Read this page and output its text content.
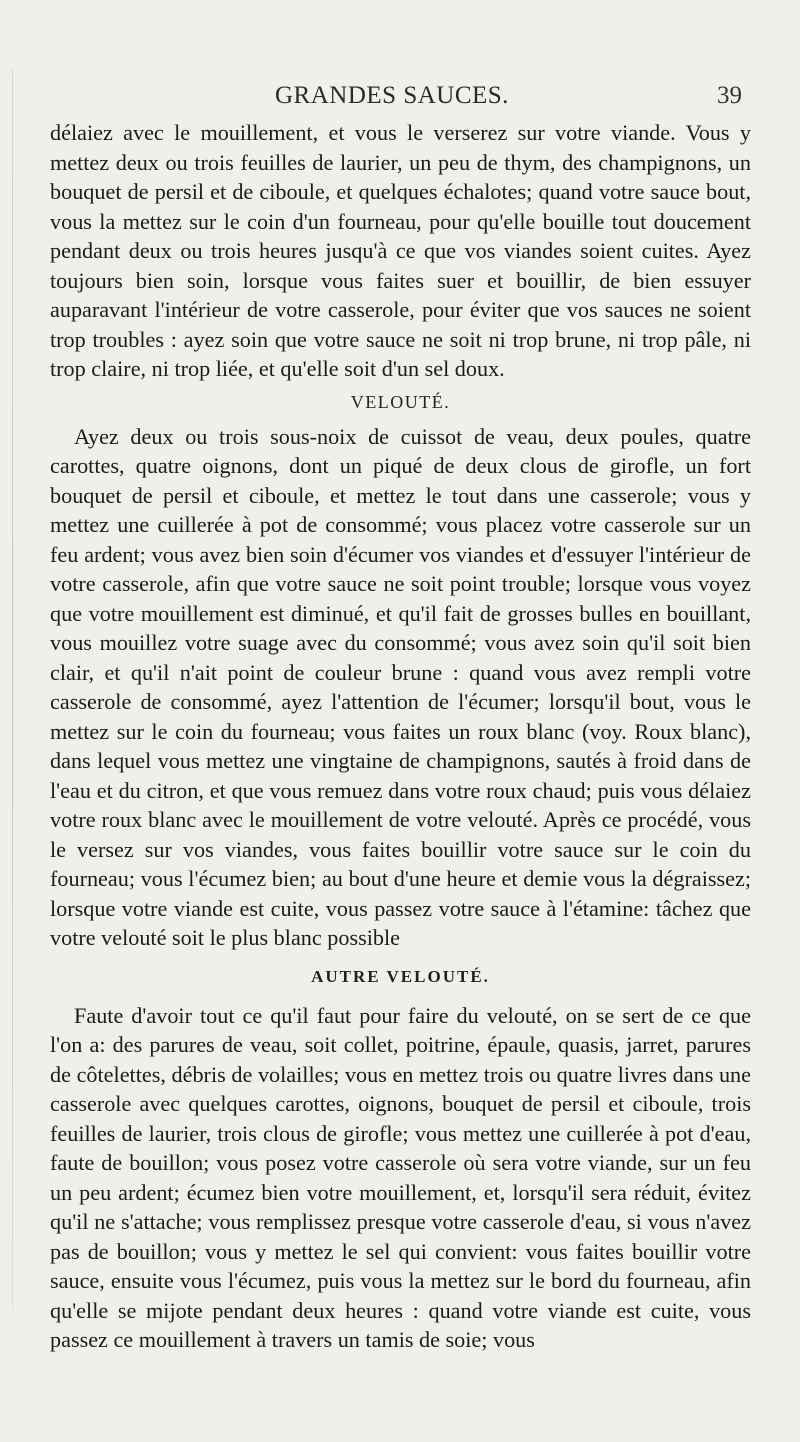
GRANDES SAUCES.	39

délaiez avec le mouillement, et vous le verserez sur votre viande. Vous y mettez deux ou trois feuilles de laurier, un peu de thym, des champignons, un bouquet de persil et de ciboule, et quelques échalotes; quand votre sauce bout, vous la mettez sur le coin d'un fourneau, pour qu'elle bouille tout doucement pendant deux ou trois heures jusqu'à ce que vos viandes soient cuites. Ayez toujours bien soin, lorsque vous faites suer et bouillir, de bien essuyer auparavant l'intérieur de votre casserole, pour éviter que vos sauces ne soient trop troubles : ayez soin que votre sauce ne soit ni trop brune, ni trop pâle, ni trop claire, ni trop liée, et qu'elle soit d'un sel doux.

VELOUTÉ.

Ayez deux ou trois sous-noix de cuissot de veau, deux poules, quatre carottes, quatre oignons, dont un piqué de deux clous de girofle, un fort bouquet de persil et ciboule, et mettez le tout dans une casserole; vous y mettez une cuillerée à pot de consommé; vous placez votre casserole sur un feu ardent; vous avez bien soin d'écumer vos viandes et d'essuyer l'intérieur de votre casserole, afin que votre sauce ne soit point trouble; lorsque vous voyez que votre mouillement est diminué, et qu'il fait de grosses bulles en bouillant, vous mouillez votre suage avec du consommé; vous avez soin qu'il soit bien clair, et qu'il n'ait point de couleur brune : quand vous avez rempli votre casserole de consommé, ayez l'attention de l'écumer; lorsqu'il bout, vous le mettez sur le coin du fourneau; vous faites un roux blanc (voy. Roux blanc), dans lequel vous mettez une vingtaine de champignons, sautés à froid dans de l'eau et du citron, et que vous remuez dans votre roux chaud; puis vous délaiez votre roux blanc avec le mouillement de votre velouté. Après ce procédé, vous le versez sur vos viandes, vous faites bouillir votre sauce sur le coin du fourneau; vous l'écumez bien; au bout d'une heure et demie vous la dégraissez; lorsque votre viande est cuite, vous passez votre sauce à l'étamine: tâchez que votre velouté soit le plus blanc possible

AUTRE VELOUTÉ.

Faute d'avoir tout ce qu'il faut pour faire du velouté, on se sert de ce que l'on a: des parures de veau, soit collet, poitrine, épaule, quasis, jarret, parures de côtelettes, débris de volailles; vous en mettez trois ou quatre livres dans une casserole avec quelques carottes, oignons, bouquet de persil et ciboule, trois feuilles de laurier, trois clous de girofle; vous mettez une cuillerée à pot d'eau, faute de bouillon; vous posez votre casserole où sera votre viande, sur un feu un peu ardent; écumez bien votre mouillement, et, lorsqu'il sera réduit, évitez qu'il ne s'attache; vous remplissez presque votre casserole d'eau, si vous n'avez pas de bouillon; vous y mettez le sel qui convient: vous faites bouillir votre sauce, ensuite vous l'écumez, puis vous la mettez sur le bord du fourneau, afin qu'elle se mijote pendant deux heures : quand votre viande est cuite, vous passez ce mouillement à travers un tamis de soie; vous
